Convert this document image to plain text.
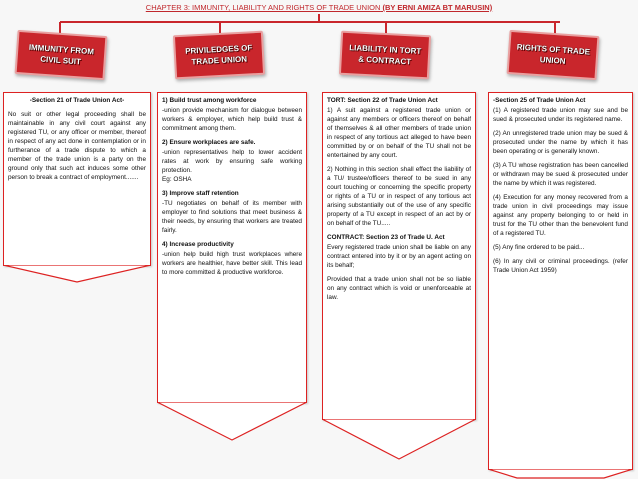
CHAPTER 3: IMMUNITY, LIABILITY AND RIGHTS OF TRADE UNION (BY ERNI AMIZA BT MARUSIN)
IMMUNITY FROM
CIVIL SUIT
PRIVILEDGES OF
TRADE UNION
LIABILITY IN TORT
& CONTRACT
RIGHTS OF TRADE
UNION

-Section 21 of Trade Union Act-

No suit or other legal proceeding shall be maintainable in any civil court against any registered TU, or any officer or member, thereof in respect of any act done in contemplation or in furtherance of a trade dispute to which a member of the trade union is a party on the ground only that such act induces some other person to break a contract of employment.......

1) Build trust among workforce

-union provide mechanism for dialogue between workers & employer, which help build trust & commitment among them.

2) Ensure workplaces are safe.

-union representatives help to lower accident rates at work by ensuring safe working protection.

Eg: OSHA

3) Improve staff retention

-TU negotiates on behalf of its member with employer to find solutions that meet business & their needs, by ensuring that workers are treated fairly.

4) Increase productivity

-union help build high trust workplaces where workers are healthier, have better skill. This lead to more committed & productive workforce.

TORT: Section 22 of Trade Union Act

1) A suit against a registered trade union or against any members or officers thereof on behalf of themselves & all other members of trade union in respect of any tortious act alleged to have been committed by or on behalf of the TU shall not be entertained by any court.

2) Nothing in this section shall effect the liability of a TU/ trustee/officers thereof to be sued in any court touching or concerning the specific property or rights of a TU or in respect of any tortious act arising substantially out of the use of any specific property of a TU except in respect of an act by or on behalf of the TU.....

CONTRACT: Section 23 of Trade U. Act

Every registered trade union shall be liable on any contract entered into by it or by an agent acting on its behalf;

Provided that a trade union shall not be so liable on any contract which is void or unenforceable at law.

-Section 25 of Trade Union Act

(1) A registered trade union may sue and be sued & prosecuted under its registered name.

(2) An unregistered trade union may be sued & prosecuted under the name by which it has been operating or is generally known.

(3) A TU whose registration has been cancelled or withdrawn may be sued & prosecuted under the name by which it was registered.

(4) Execution for any money recovered from a trade union in civil proceedings may issue against any property belonging to or held in trust for the TU other than the benevolent fund of a registered TU.

(5) Any fine ordered to be paid...

(6) In any civil or criminal proceedings. (refer Trade Union Act 1959)
